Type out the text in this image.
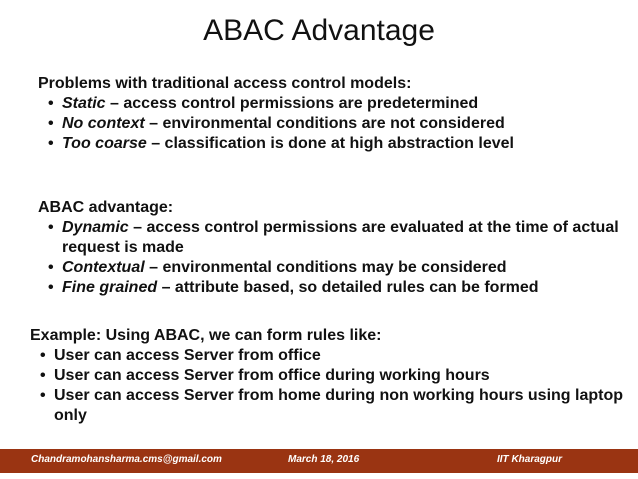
ABAC Advantage

Problems with traditional access control models:

• Static – access control permissions are predetermined
• No context – environmental conditions are not considered
• Too coarse – classification is done at high abstraction level

ABAC advantage:

• Dynamic – access control permissions are evaluated at the time of actual request is made
• Contextual – environmental conditions may be considered
• Fine grained – attribute based, so detailed rules can be formed

Example: Using ABAC, we can form rules like:

• User can access Server from office
• User can access Server from office during working hours
• User can access Server from home during non working hours using laptop only
Chandramohansharma.cms@gmail.com	March 18, 2016	IIT Kharagpur
